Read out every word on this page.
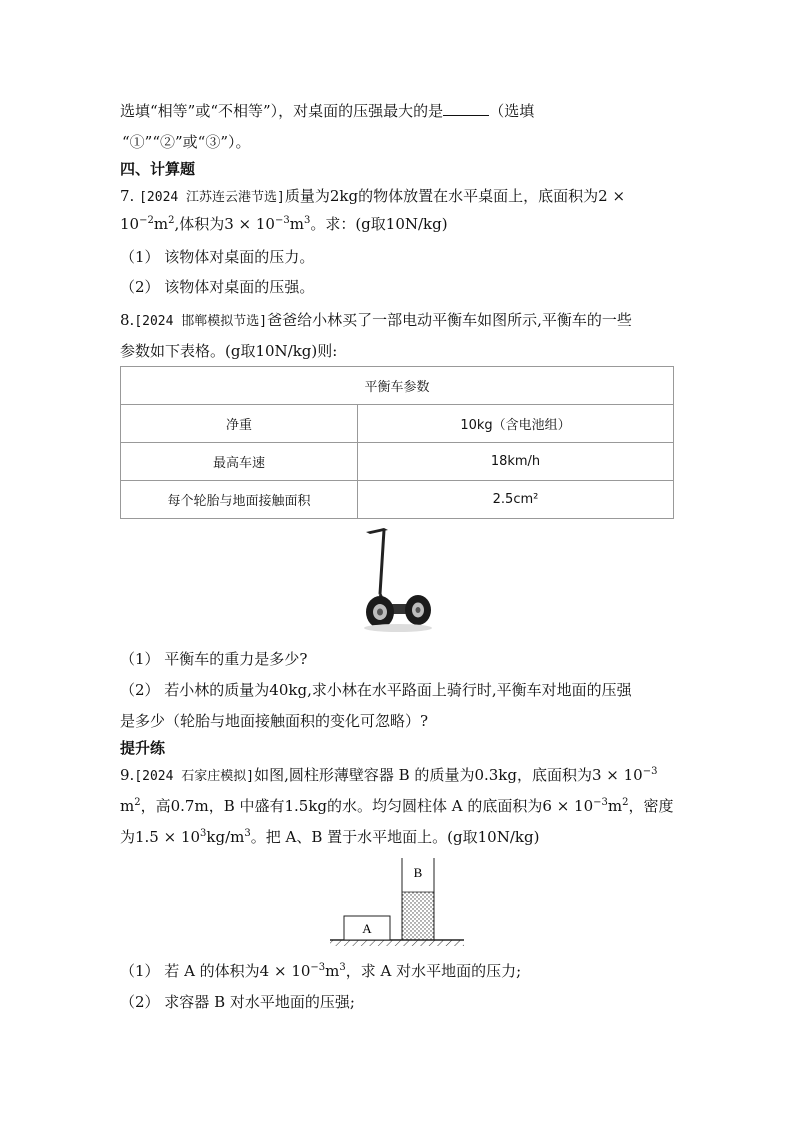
选填“相等”或“不相等”），对桌面的压强最大的是	（选填
“①”“②”或“③”）。
四、计算题
7. [2024 江苏连云港节选]质量为2kg的物体放置在水平桌面上，底面积为2 ×
$10^{-2}m^2$,体积为$3 \times 10^{-3}m^3$。求：(g取10N/kg)
（1） 该物体对桌面的压力。
（2） 该物体对桌面的压强。
8.[2024 邯郸模拟节选]爸爸给小林买了一部电动平衡车如图所示,平衡车的一些
参数如下表格。(g取10N/kg)则:
平衡车参数	
净重	10kg（含电池组）
最高车速	18km/h
每个轮胎与地面接触面积	2.5cm²
（1） 平衡车的重力是多少?
（2） 若小林的质量为40kg,求小林在水平路面上骑行时,平衡车对地面的压强
是多少（轮胎与地面接触面积的变化可忽略）?
提升练
9.[2024 石家庄模拟]如图,圆柱形薄壁容器 B 的质量为0.3kg，底面积为$3 \times 10^{-3}$
$m^2$，高0.7m，B 中盛有1.5kg的水。均匀圆柱体 A 的底面积为$6 \times 10^{-3}m^2$，密度
为$1.5 \times 10^3kg/m^3$。把 A、B 置于水平地面上。(g取10N/kg)
A
B
（1） 若 A 的体积为$4 \times 10^{-3}m^3$，求 A 对水平地面的压力;
（2） 求容器 B 对水平地面的压强;
